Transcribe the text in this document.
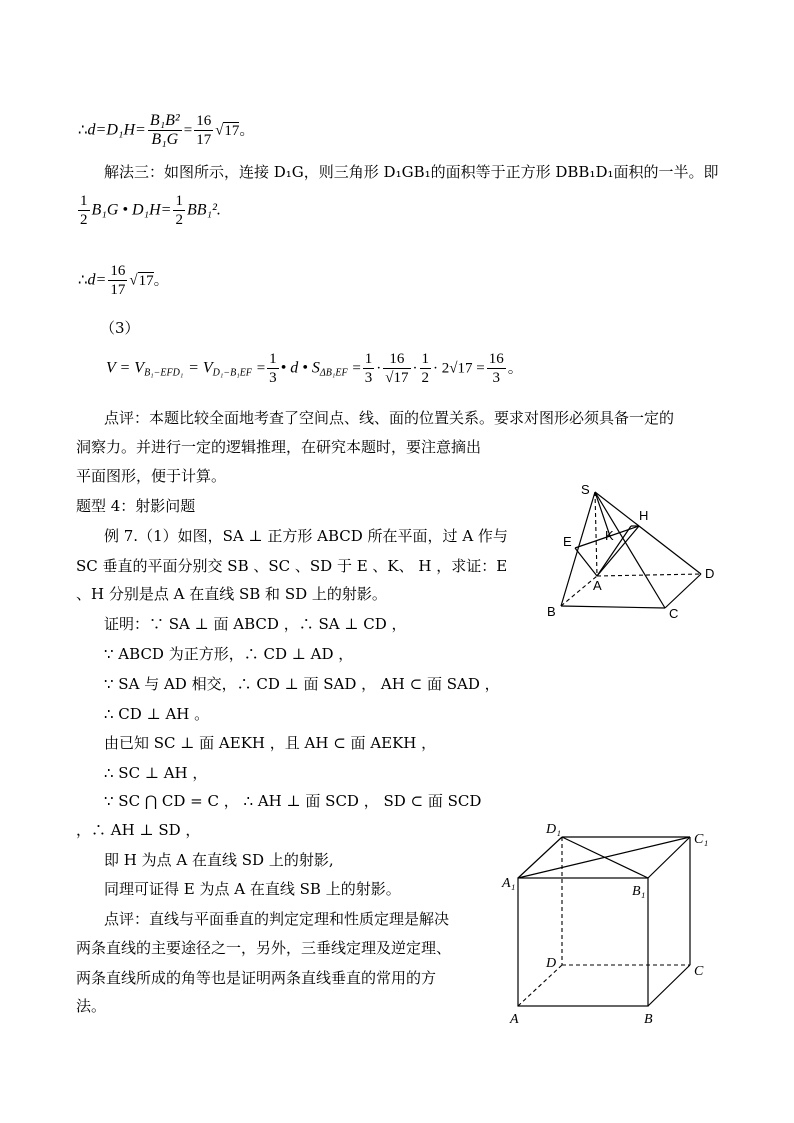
∴d=D₁H= $\frac{\text{B₁B²}}{\text{B₁G}} = \frac{16}{17} √17$。
解法三：如图所示，连接 D₁G，则三角形 D₁GB₁的面积等于正方形 DBB₁D₁面积的一半。即
$\frac{1}{2} B_1G$ • $D_1H= \frac{1}{2} BB_1^2$.
∴d= $\frac{16}{17} √17$。
（3）
$V = V_{B_1-EFD_1} = V_{D_1-B_1EF} = \frac{1}{3}$ • d • $S_{\Delta B_1EF} = \frac{1}{3} \cdot \frac{16}{√17} \cdot \frac{1}{2} \cdot 2√17 = \frac{16}{3}$ 。
点评：本题比较全面地考查了空间点、线、面的位置关系。要求对图形必须具备一定的
洞察力。并进行一定的逻辑推理，在研究本题时，要注意摘出
平面图形，便于计算。
题型 4：射影问题
例 7.（1）如图，SA ⊥ 正方形 ABCD 所在平面，过 A 作与
SC 垂直的平面分别交 SB 、SC 、SD 于 E 、K、 H ，求证：E
、H 分别是点 A 在直线 SB 和 SD 上的射影。
证明：∵ SA ⊥ 面 ABCD ，∴ SA ⊥ CD ，
∵ ABCD 为正方形，∴ CD ⊥ AD ，
∵ SA 与 AD 相交，∴ CD ⊥ 面 SAD ， AH ⊂ 面 SAD ，
∴ CD ⊥ AH 。
由已知 SC ⊥ 面 AEKH ，且 AH ⊂ 面 AEKH ，
∴ SC ⊥ AH ，
∵ SC ⋂ CD = C ， ∴ AH ⊥ 面 SCD ， SD ⊂ 面 SCD
，∴ AH ⊥ SD ，
即 H 为点 A 在直线 SD 上的射影,
同理可证得 E 为点 A 在直线 SB 上的射影。
点评：直线与平面垂直的判定定理和性质定理是解决
两条直线的主要途径之一，另外，三垂线定理及逆定理、
两条直线所成的角等也是证明两条直线垂直的常用的方
法。
S
H
E	K
A
D
B	C
D₁
C₁
A₁
B₁
D
C
A	B
